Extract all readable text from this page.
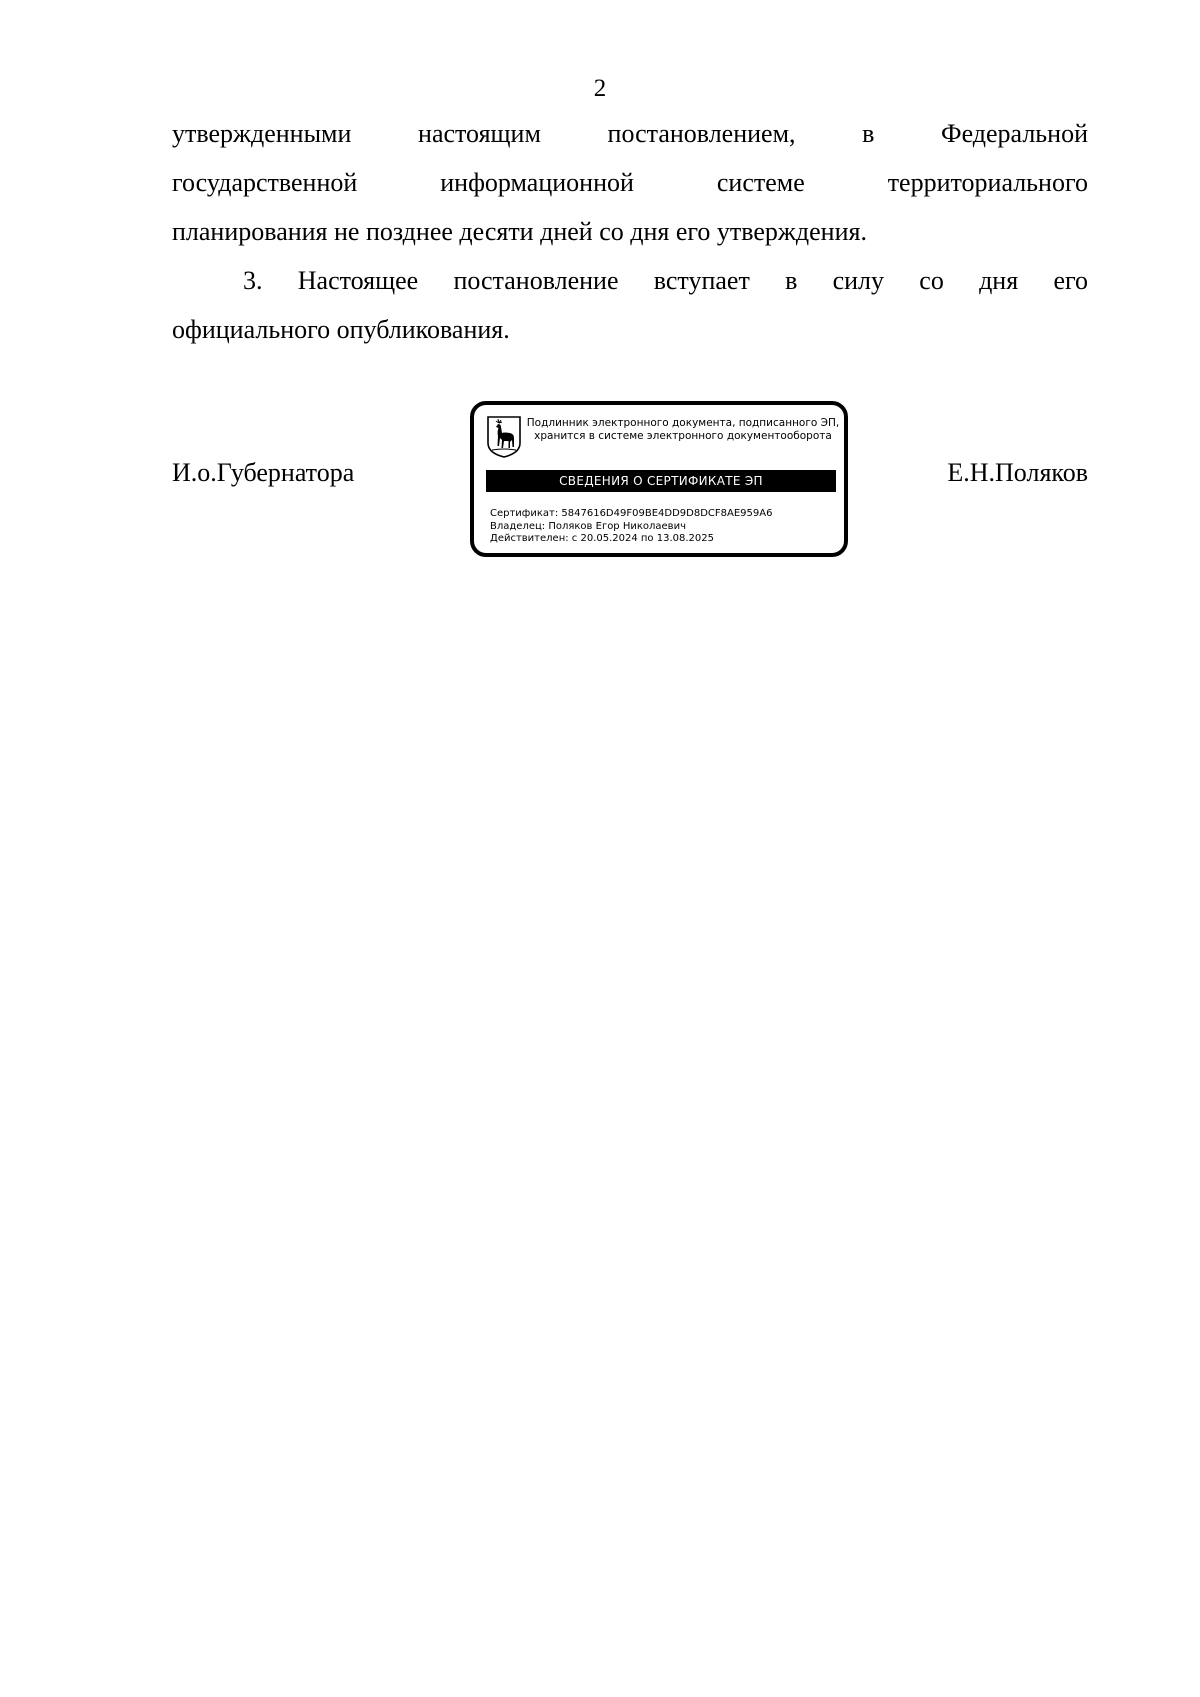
2
утвержденными	настоящим	постановлением,	в	Федеральной
государственной	информационной	системе	территориального
планирования не позднее десяти дней со дня его утверждения.
3. Настоящее постановление вступает в силу со дня его
официального опубликования.
И.о.Губернатора	Е.Н.Поляков
Подлинник электронного документа, подписанного ЭП,
хранится в системе электронного документооборота
СВЕДЕНИЯ О СЕРТИФИКАТЕ ЭП
Сертификат: 5847616D49F09BE4DD9D8DCF8AE959A6
Владелец: Поляков Егор Николаевич
Действителен: с 20.05.2024 по 13.08.2025
